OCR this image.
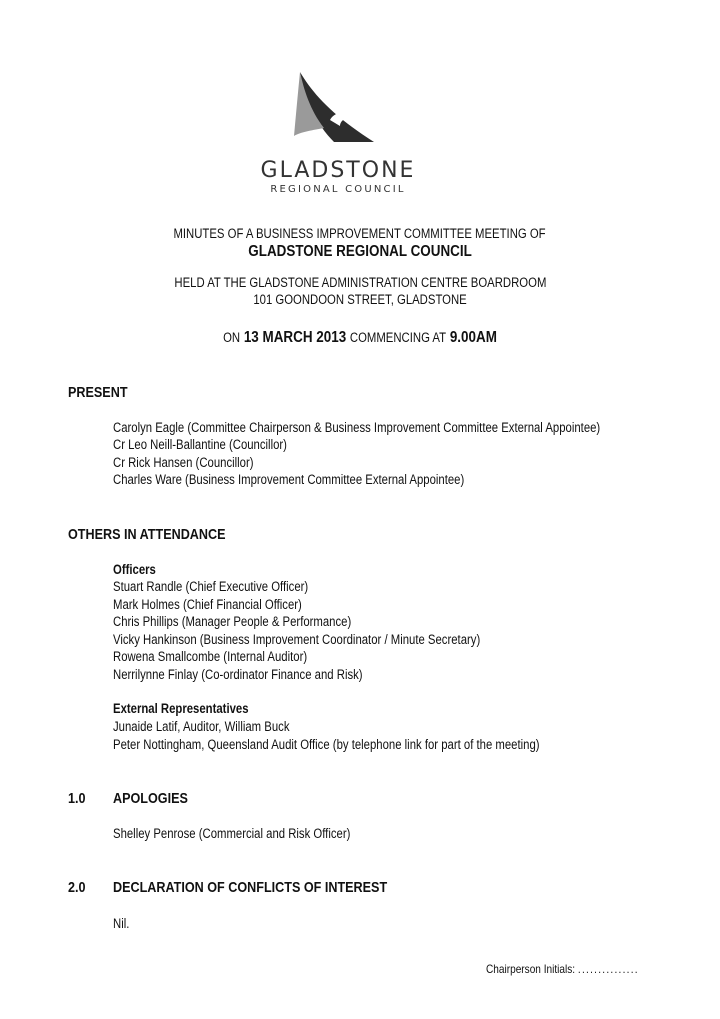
GLADSTONE
REGIONAL COUNCIL
MINUTES OF A BUSINESS IMPROVEMENT COMMITTEE MEETING OF
GLADSTONE REGIONAL COUNCIL
HELD AT THE GLADSTONE ADMINISTRATION CENTRE BOARDROOM
101 GOONDOON STREET, GLADSTONE
ON 13 MARCH 2013 COMMENCING AT 9.00AM
PRESENT
Carolyn Eagle (Committee Chairperson & Business Improvement Committee External Appointee)
Cr Leo Neill-Ballantine (Councillor)
Cr Rick Hansen (Councillor)
Charles Ware (Business Improvement Committee External Appointee)
OTHERS IN ATTENDANCE
Officers
Stuart Randle (Chief Executive Officer)
Mark Holmes (Chief Financial Officer)
Chris Phillips (Manager People & Performance)
Vicky Hankinson (Business Improvement Coordinator / Minute Secretary)
Rowena Smallcombe (Internal Auditor)
Nerrilynne Finlay (Co-ordinator Finance and Risk)
External Representatives
Junaide Latif, Auditor, William Buck
Peter Nottingham, Queensland Audit Office (by telephone link for part of the meeting)
1.0 APOLOGIES
Shelley Penrose (Commercial and Risk Officer)
2.0 DECLARATION OF CONFLICTS OF INTEREST
Nil.
Chairperson Initials: ...............
